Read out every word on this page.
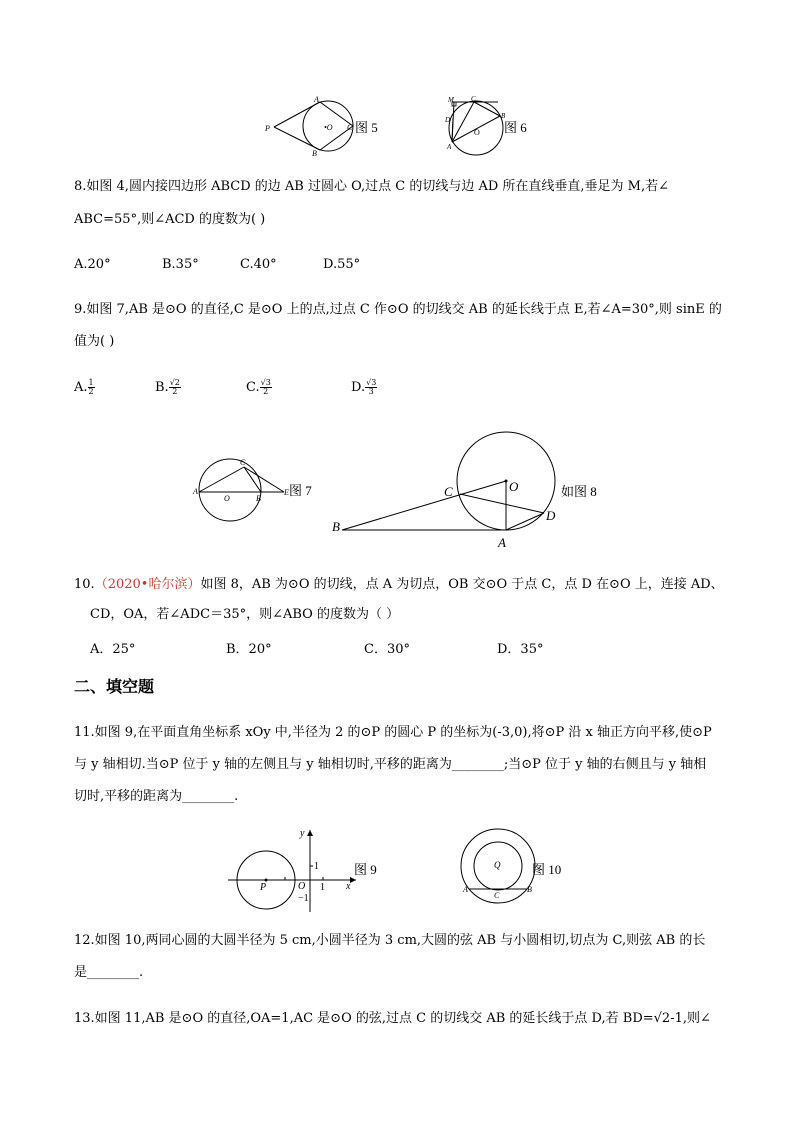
P
A
B
•O C 图 5
M C
B
D
A
O 图 6
8.如图 4,圆内接四边形 ABCD 的边 AB 过圆心 O,过点 C 的切线与边 AD 所在直线垂直,垂足为 M,若∠
ABC=55°,则∠ACD 的度数为( )
A.20°	B.35°	C.40°	D.55°
9.如图 7,AB 是⊙O 的直径,C 是⊙O 上的点,过点 C 作⊙O 的切线交 AB 的延长线于点 E,若∠A=30°,则 sinE 的
值为( )
A. $\frac{1}{2}$	B. $\frac{√2}{2}$	C. $\frac{√3}{2}$	D. $\frac{√3}{3}$
A
O	B
C
E 图 7
B
C	O
D
A
如图 8
10.（2020•哈尔滨）如图 8，AB 为⊙O 的切线，点 A 为切点，OB 交⊙O 于点 C，点 D 在⊙O 上，连接 AD、
CD，OA，若∠ADC＝35°，则∠ABO 的度数为（ ）
A．25°	B．20°	C．30°	D．35°
二、填空题
11.如图 9,在平面直角坐标系 xOy 中,半径为 2 的⊙P 的圆心 P 的坐标为(-3,0),将⊙P 沿 x 轴正方向平移,使⊙P
与 y 轴相切.当⊙P 位于 y 轴的左侧且与 y 轴相切时,平移的距离为________;当⊙P 位于 y 轴的右侧且与 y 轴相
切时,平移的距离为________.
y
x
P	O
1
1
−1
图 9	Q
A
C
B
图 10
12.如图 10,两同心圆的大圆半径为 5 cm,小圆半径为 3 cm,大圆的弦 AB 与小圆相切,切点为 C,则弦 AB 的长
是________.
13.如图 11,AB 是⊙O 的直径,OA=1,AC 是⊙O 的弦,过点 C 的切线交 AB 的延长线于点 D,若 BD=√2-1,则∠
